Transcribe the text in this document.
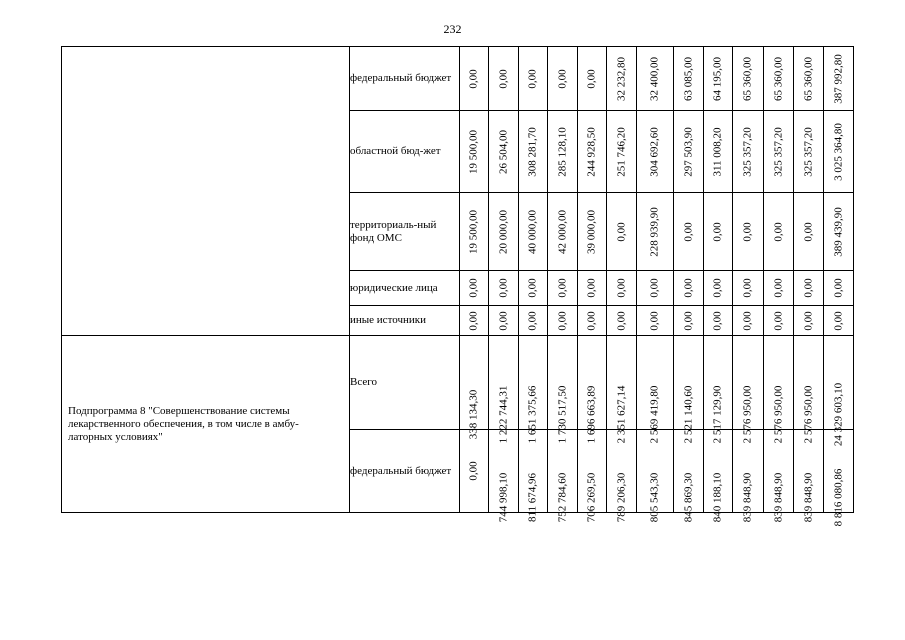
232
	федеральный бюджет	0,00	0,00	0,00	0,00	0,00	32 232,80	32 400,00	63 085,00	64 195,00	65 360,00	65 360,00	65 360,00	387 992,80

	областной бюд-жет	19 500,00	26 504,00	308 281,70	285 128,10	244 928,50	251 746,20	304 692,60	297 503,90	311 008,20	325 357,20	325 357,20	325 357,20	3 025 364,80

	территориаль-ный фонд ОМС	19 500,00	20 000,00	40 000,00	42 000,00	39 000,00	0,00	228 939,90	0,00	0,00	0,00	0,00	0,00	389 439,90

	юридические лица	0,00	0,00	0,00	0,00	0,00	0,00	0,00	0,00	0,00	0,00	0,00	0,00	0,00

	иные источники	0,00	0,00	0,00	0,00	0,00	0,00	0,00	0,00	0,00	0,00	0,00	0,00	0,00

Подпрограмма 8 "Совершенствование системы лекарственного обеспечения, в том числе в амбу-латорных условиях"	Всего	338 134,30	1 222 744,31	1 651 375,66	1 730 517,50	1 696 663,89	2 351 627,14	2 569 419,80	2 521 140,60	2 517 129,90	2 576 950,00	2 576 950,00	2 576 950,00	24 329 603,10

	федеральный бюджет	0,00	744 998,10	811 674,96	752 784,60	706 269,50	789 206,30	805 543,30	845 869,30	840 188,10	839 848,90	839 848,90	839 848,90	8 816 080,86
